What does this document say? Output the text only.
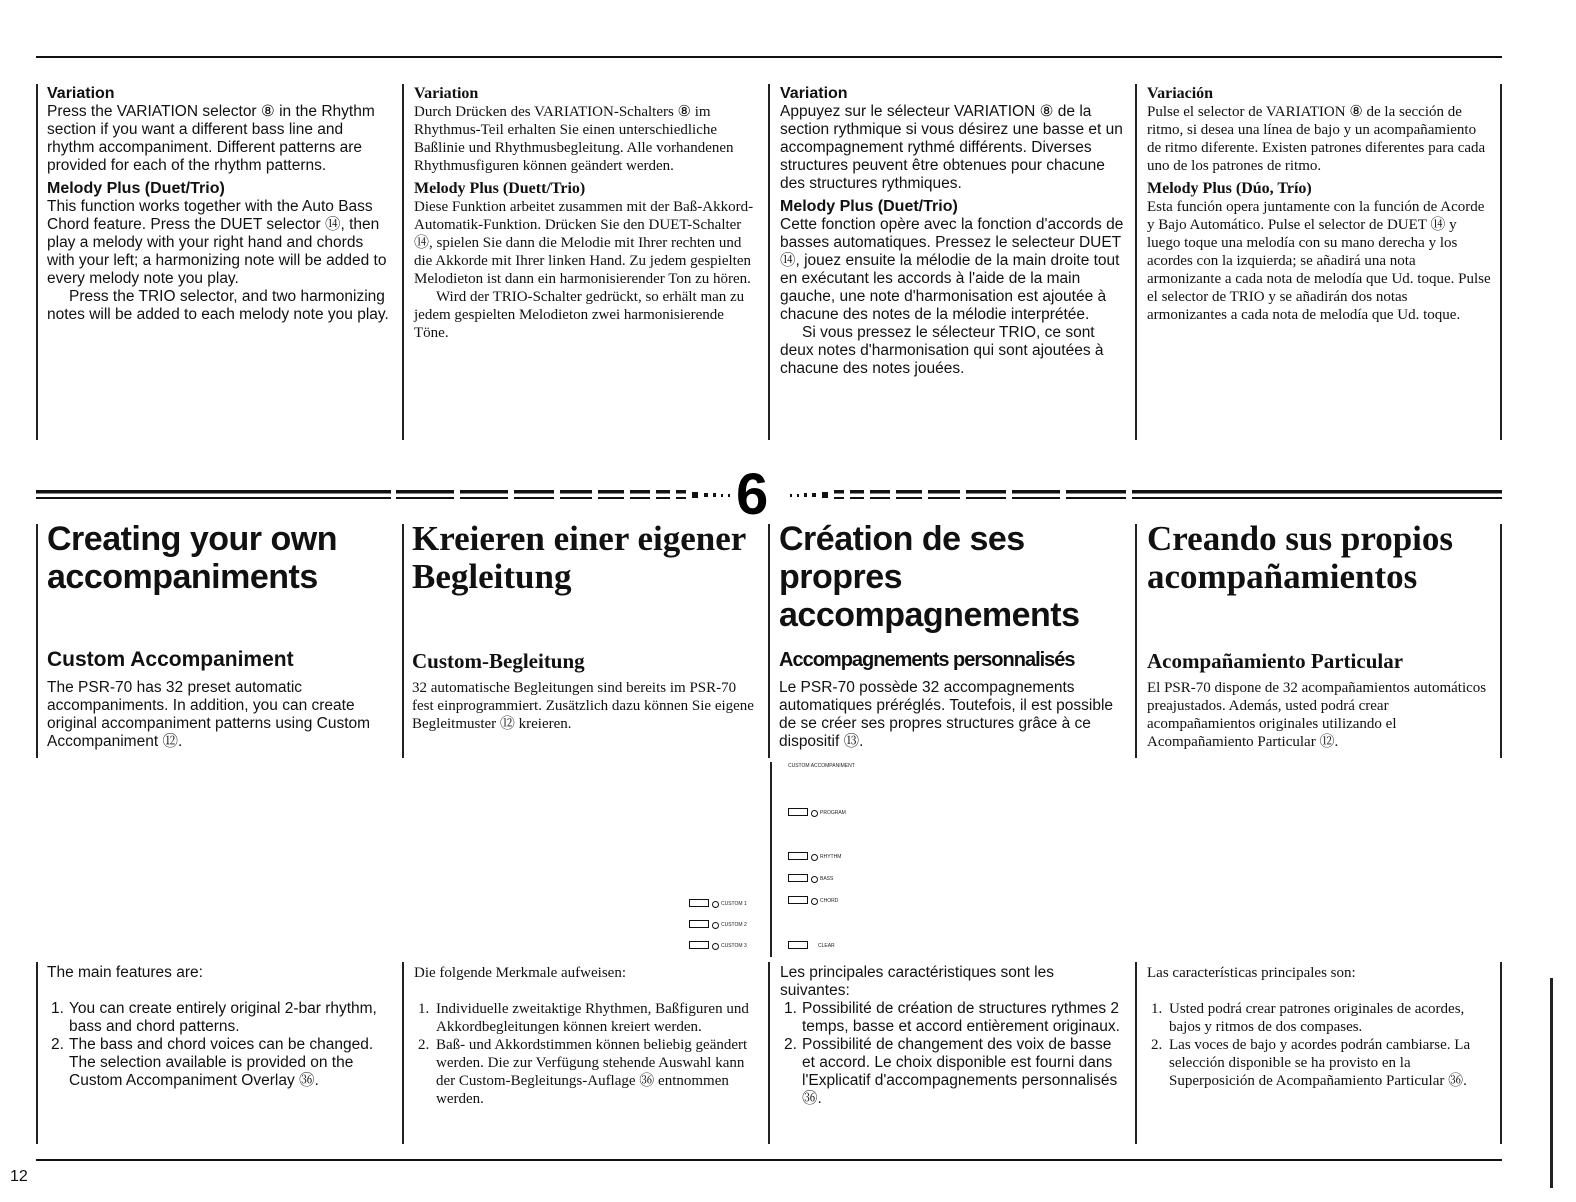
Variation

Press the VARIATION selector ⑧ in the Rhythm section if you want a different bass line and rhythm accompaniment. Different patterns are provided for each of the rhythm patterns.

Melody Plus (Duet/Trio)

This function works together with the Auto Bass Chord feature. Press the DUET selector ⑭, then play a melody with your right hand and chords with your left; a harmonizing note will be added to every melody note you play.

Press the TRIO selector, and two harmonizing notes will be added to each melody note you play.

Variation

Durch Drücken des VARIATION-Schalters ⑧ im Rhythmus-Teil erhalten Sie einen unterschiedliche Baßlinie und Rhythmusbegleitung. Alle vorhandenen Rhythmusfiguren können geändert werden.

Melody Plus (Duett/Trio)

Diese Funktion arbeitet zusammen mit der Baß-Akkord-Automatik-Funktion. Drücken Sie den DUET-Schalter ⑭, spielen Sie dann die Melodie mit Ihrer rechten und die Akkorde mit Ihrer linken Hand. Zu jedem gespielten Melodieton ist dann ein harmonisierender Ton zu hören.

Wird der TRIO-Schalter gedrückt, so erhält man zu jedem gespielten Melodieton zwei harmonisierende Töne.

Variation

Appuyez sur le sélecteur VARIATION ⑧ de la section rythmique si vous désirez une basse et un accompagnement rythmé différents. Diverses structures peuvent être obtenues pour chacune des structures rythmiques.

Melody Plus (Duet/Trio)

Cette fonction opère avec la fonction d'accords de basses automatiques. Pressez le selecteur DUET ⑭, jouez ensuite la mélodie de la main droite tout en exécutant les accords à l'aide de la main gauche, une note d'harmonisation est ajoutée à chacune des notes de la mélodie interprétée.

Si vous pressez le sélecteur TRIO, ce sont deux notes d'harmonisation qui sont ajoutées à chacune des notes jouées.

Variación

Pulse el selector de VARIATION ⑧ de la sección de ritmo, si desea una línea de bajo y un acompañamiento de ritmo diferente. Existen patrones diferentes para cada uno de los patrones de ritmo.

Melody Plus (Dúo, Trío)

Esta función opera juntamente con la función de Acorde y Bajo Automático. Pulse el selector de DUET ⑭ y luego toque una melodía con su mano derecha y los acordes con la izquierda; se añadirá una nota armonizante a cada nota de melodía que Ud. toque. Pulse el selector de TRIO y se añadirán dos notas armonizantes a cada nota de melodía que Ud. toque.

6
Creating your own accompaniments
Kreieren einer eigener Begleitung
Création de ses propres accompagnements
Creando sus propios acompañamientos
Custom Accompaniment

The PSR-70 has 32 preset automatic accompaniments. In addition, you can create original accompaniment patterns using Custom Accompaniment ⑫.

Custom-Begleitung

32 automatische Begleitungen sind bereits im PSR-70 fest einprogrammiert. Zusätzlich dazu können Sie eigene Begleitmuster ⑫ kreieren.

Accompagnements personnalisés

Le PSR-70 possède 32 accompagnements automatiques préréglés. Toutefois, il est possible de se créer ses propres structures grâce à ce dispositif ⑬.

Acompañamiento Particular

El PSR-70 dispone de 32 acompañamientos automáticos preajustados. Además, usted podrá crear acompañamientos originales utilizando el Acompañamiento Particular ⑫.

CUSTOM ACCOMPANIMENT
PROGRAM
RHYTHM
BASS
CHORD
CLEAR
CUSTOM 1
CUSTOM 2
CUSTOM 3

The main features are:

1. You can create entirely original 2-bar rhythm, bass and chord patterns.
2. The bass and chord voices can be changed. The selection available is provided on the Custom Accompaniment Overlay ㊱.

Die folgende Merkmale aufweisen:

1. Individuelle zweitaktige Rhythmen, Baßfiguren und Akkordbegleitungen können kreiert werden.
2. Baß- und Akkordstimmen können beliebig geändert werden. Die zur Verfügung stehende Auswahl kann der Custom-Begleitungs-Auflage ㊱ entnommen werden.

Les principales caractéristiques sont les suivantes:

1. Possibilité de création de structures rythmes 2 temps, basse et accord entièrement originaux.
2. Possibilité de changement des voix de basse et accord. Le choix disponible est fourni dans l'Explicatif d'accompagnements personnalisés ㊱.

Las características principales son:

1. Usted podrá crear patrones originales de acordes, bajos y ritmos de dos compases.
2. Las voces de bajo y acordes podrán cambiarse. La selección disponible se ha provisto en la Superposición de Acompañamiento Particular ㊱.
12
